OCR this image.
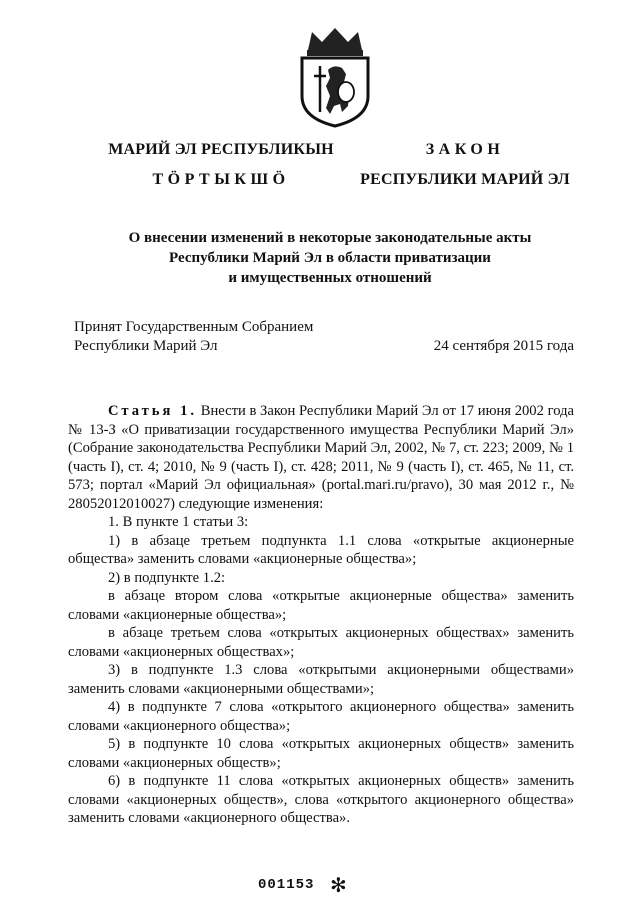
МАРИЙ ЭЛ РЕСПУБЛИКЫН
ТӦРТЫКШӦ
ЗАКОН
РЕСПУБЛИКИ МАРИЙ ЭЛ
О внесении изменений в некоторые законодательные акты
Республики Марий Эл в области приватизации
и имущественных отношений
Принят Государственным Собранием
Республики Марий Эл	24 сентября 2015 года

Статья 1. Внести в Закон Республики Марий Эл от 17 июня 2002 года № 13-З «О приватизации государственного имущества Республики Марий Эл» (Собрание законодательства Республики Марий Эл, 2002, № 7, ст. 223; 2009, № 1 (часть I), ст. 4; 2010, № 9 (часть I), ст. 428; 2011, № 9 (часть I), ст. 465, № 11, ст. 573; портал «Марий Эл официальная» (portal.mari.ru/pravo), 30 мая 2012 г., № 28052012010027) следующие изменения:

1. В пункте 1 статьи 3:

1) в абзаце третьем подпункта 1.1 слова «открытые акционерные общества» заменить словами «акционерные общества»;

2) в подпункте 1.2:

в абзаце втором слова «открытые акционерные общества» заменить словами «акционерные общества»;

в абзаце третьем слова «открытых акционерных обществах» заменить словами «акционерных обществах»;

3) в подпункте 1.3 слова «открытыми акционерными обществами» заменить словами «акционерными обществами»;

4) в подпункте 7 слова «открытого акционерного общества» заменить словами «акционерного общества»;

5) в подпункте 10 слова «открытых акционерных обществ» заменить словами «акционерных обществ»;

6) в подпункте 11 слова «открытых акционерных обществ» заменить словами «акционерных обществ», слова «открытого акционерного общества» заменить словами «акционерного общества».

001153 ✻
